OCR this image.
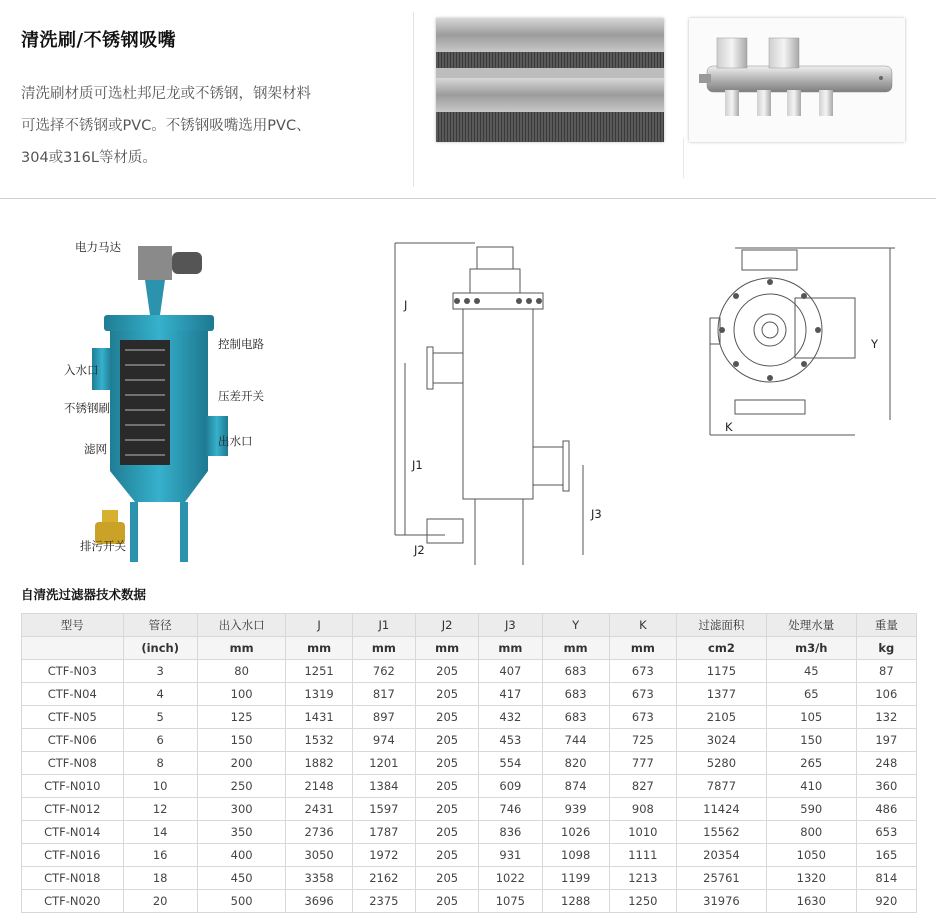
清洗刷/不锈钢吸嘴
清洗刷材质可选杜邦尼龙或不锈钢，钢架材料
可选择不锈钢或PVC。不锈钢吸嘴选用PVC、
304或316L等材质。
电力马达
控制电路
入水口
压差开关
不锈钢刷
出水口
滤网
排污开关
J
J1
J2
J3
Y
K
自清洗过滤器技术数据
型号	管径	出入水口	J	J1	J2	J3	Y	K	过滤面积	处理水量	重量
	(inch)	mm	mm	mm	mm	mm	mm	mm	cm2	m3/h	kg
CTF-N03	3	80	1251	762	205	407	683	673	1175	45	87
CTF-N04	4	100	1319	817	205	417	683	673	1377	65	106
CTF-N05	5	125	1431	897	205	432	683	673	2105	105	132
CTF-N06	6	150	1532	974	205	453	744	725	3024	150	197
CTF-N08	8	200	1882	1201	205	554	820	777	5280	265	248
CTF-N010	10	250	2148	1384	205	609	874	827	7877	410	360
CTF-N012	12	300	2431	1597	205	746	939	908	11424	590	486
CTF-N014	14	350	2736	1787	205	836	1026	1010	15562	800	653
CTF-N016	16	400	3050	1972	205	931	1098	1111	20354	1050	165
CTF-N018	18	450	3358	2162	205	1022	1199	1213	25761	1320	814
CTF-N020	20	500	3696	2375	205	1075	1288	1250	31976	1630	920
